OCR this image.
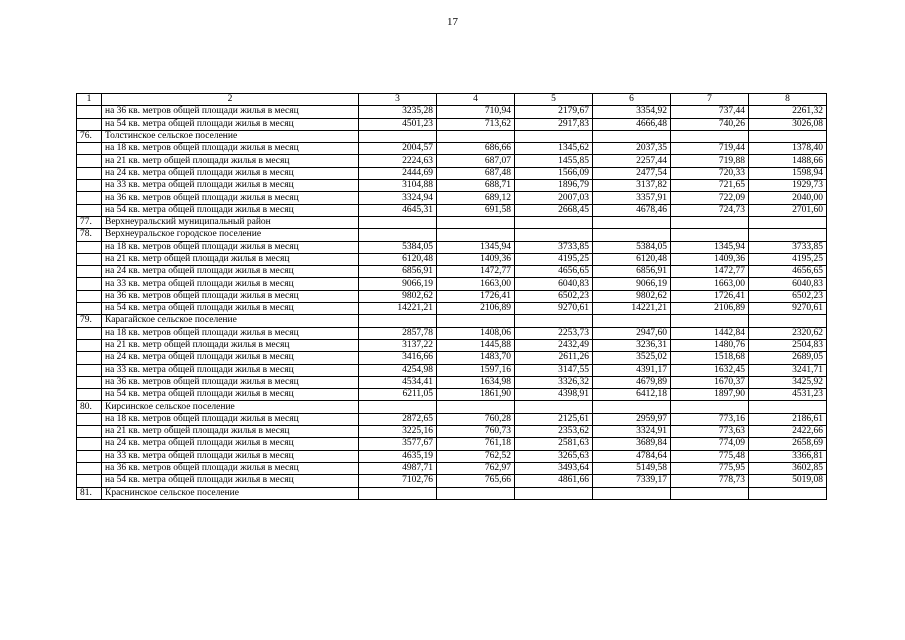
17
1	2	3	4	5	6	7	8
	на 36 кв. метров общей площади жилья в месяц	3235,28	710,94	2179,67	3354,92	737,44	2261,32
	на 54 кв. метра общей площади жилья в месяц	4501,23	713,62	2917,83	4666,48	740,26	3026,08
76.	Толстинское сельское поселение						
	на 18 кв. метров общей площади жилья в месяц	2004,57	686,66	1345,62	2037,35	719,44	1378,40
	на 21 кв. метр общей площади жилья в месяц	2224,63	687,07	1455,85	2257,44	719,88	1488,66
	на 24 кв. метра общей площади жилья в месяц	2444,69	687,48	1566,09	2477,54	720,33	1598,94
	на 33 кв. метра общей площади жилья в месяц	3104,88	688,71	1896,79	3137,82	721,65	1929,73
	на 36 кв. метров общей площади жилья в месяц	3324,94	689,12	2007,03	3357,91	722,09	2040,00
	на 54 кв. метра общей площади жилья в месяц	4645,31	691,58	2668,45	4678,46	724,73	2701,60
77.	Верхнеуральский муниципальный район						
78.	Верхнеуральское городское поселение						
	на 18 кв. метров общей площади жилья в месяц	5384,05	1345,94	3733,85	5384,05	1345,94	3733,85
	на 21 кв. метр общей площади жилья в месяц	6120,48	1409,36	4195,25	6120,48	1409,36	4195,25
	на 24 кв. метра общей площади жилья в месяц	6856,91	1472,77	4656,65	6856,91	1472,77	4656,65
	на 33 кв. метра общей площади жилья в месяц	9066,19	1663,00	6040,83	9066,19	1663,00	6040,83
	на 36 кв. метров общей площади жилья в месяц	9802,62	1726,41	6502,23	9802,62	1726,41	6502,23
	на 54 кв. метра общей площади жилья в месяц	14221,21	2106,89	9270,61	14221,21	2106,89	9270,61
79.	Карагайское сельское поселение						
	на 18 кв. метров общей площади жилья в месяц	2857,78	1408,06	2253,73	2947,60	1442,84	2320,62
	на 21 кв. метр общей площади жилья в месяц	3137,22	1445,88	2432,49	3236,31	1480,76	2504,83
	на 24 кв. метра общей площади жилья в месяц	3416,66	1483,70	2611,26	3525,02	1518,68	2689,05
	на 33 кв. метра общей площади жилья в месяц	4254,98	1597,16	3147,55	4391,17	1632,45	3241,71
	на 36 кв. метров общей площади жилья в месяц	4534,41	1634,98	3326,32	4679,89	1670,37	3425,92
	на 54 кв. метра общей площади жилья в месяц	6211,05	1861,90	4398,91	6412,18	1897,90	4531,23
80.	Кирсинское сельское поселение						
	на 18 кв. метров общей площади жилья в месяц	2872,65	760,28	2125,61	2959,97	773,16	2186,61
	на 21 кв. метр общей площади жилья в месяц	3225,16	760,73	2353,62	3324,91	773,63	2422,66
	на 24 кв. метра общей площади жилья в месяц	3577,67	761,18	2581,63	3689,84	774,09	2658,69
	на 33 кв. метра общей площади жилья в месяц	4635,19	762,52	3265,63	4784,64	775,48	3366,81
	на 36 кв. метров общей площади жилья в месяц	4987,71	762,97	3493,64	5149,58	775,95	3602,85
	на 54 кв. метра общей площади жилья в месяц	7102,76	765,66	4861,66	7339,17	778,73	5019,08
81.	Краснинское сельское поселение						
